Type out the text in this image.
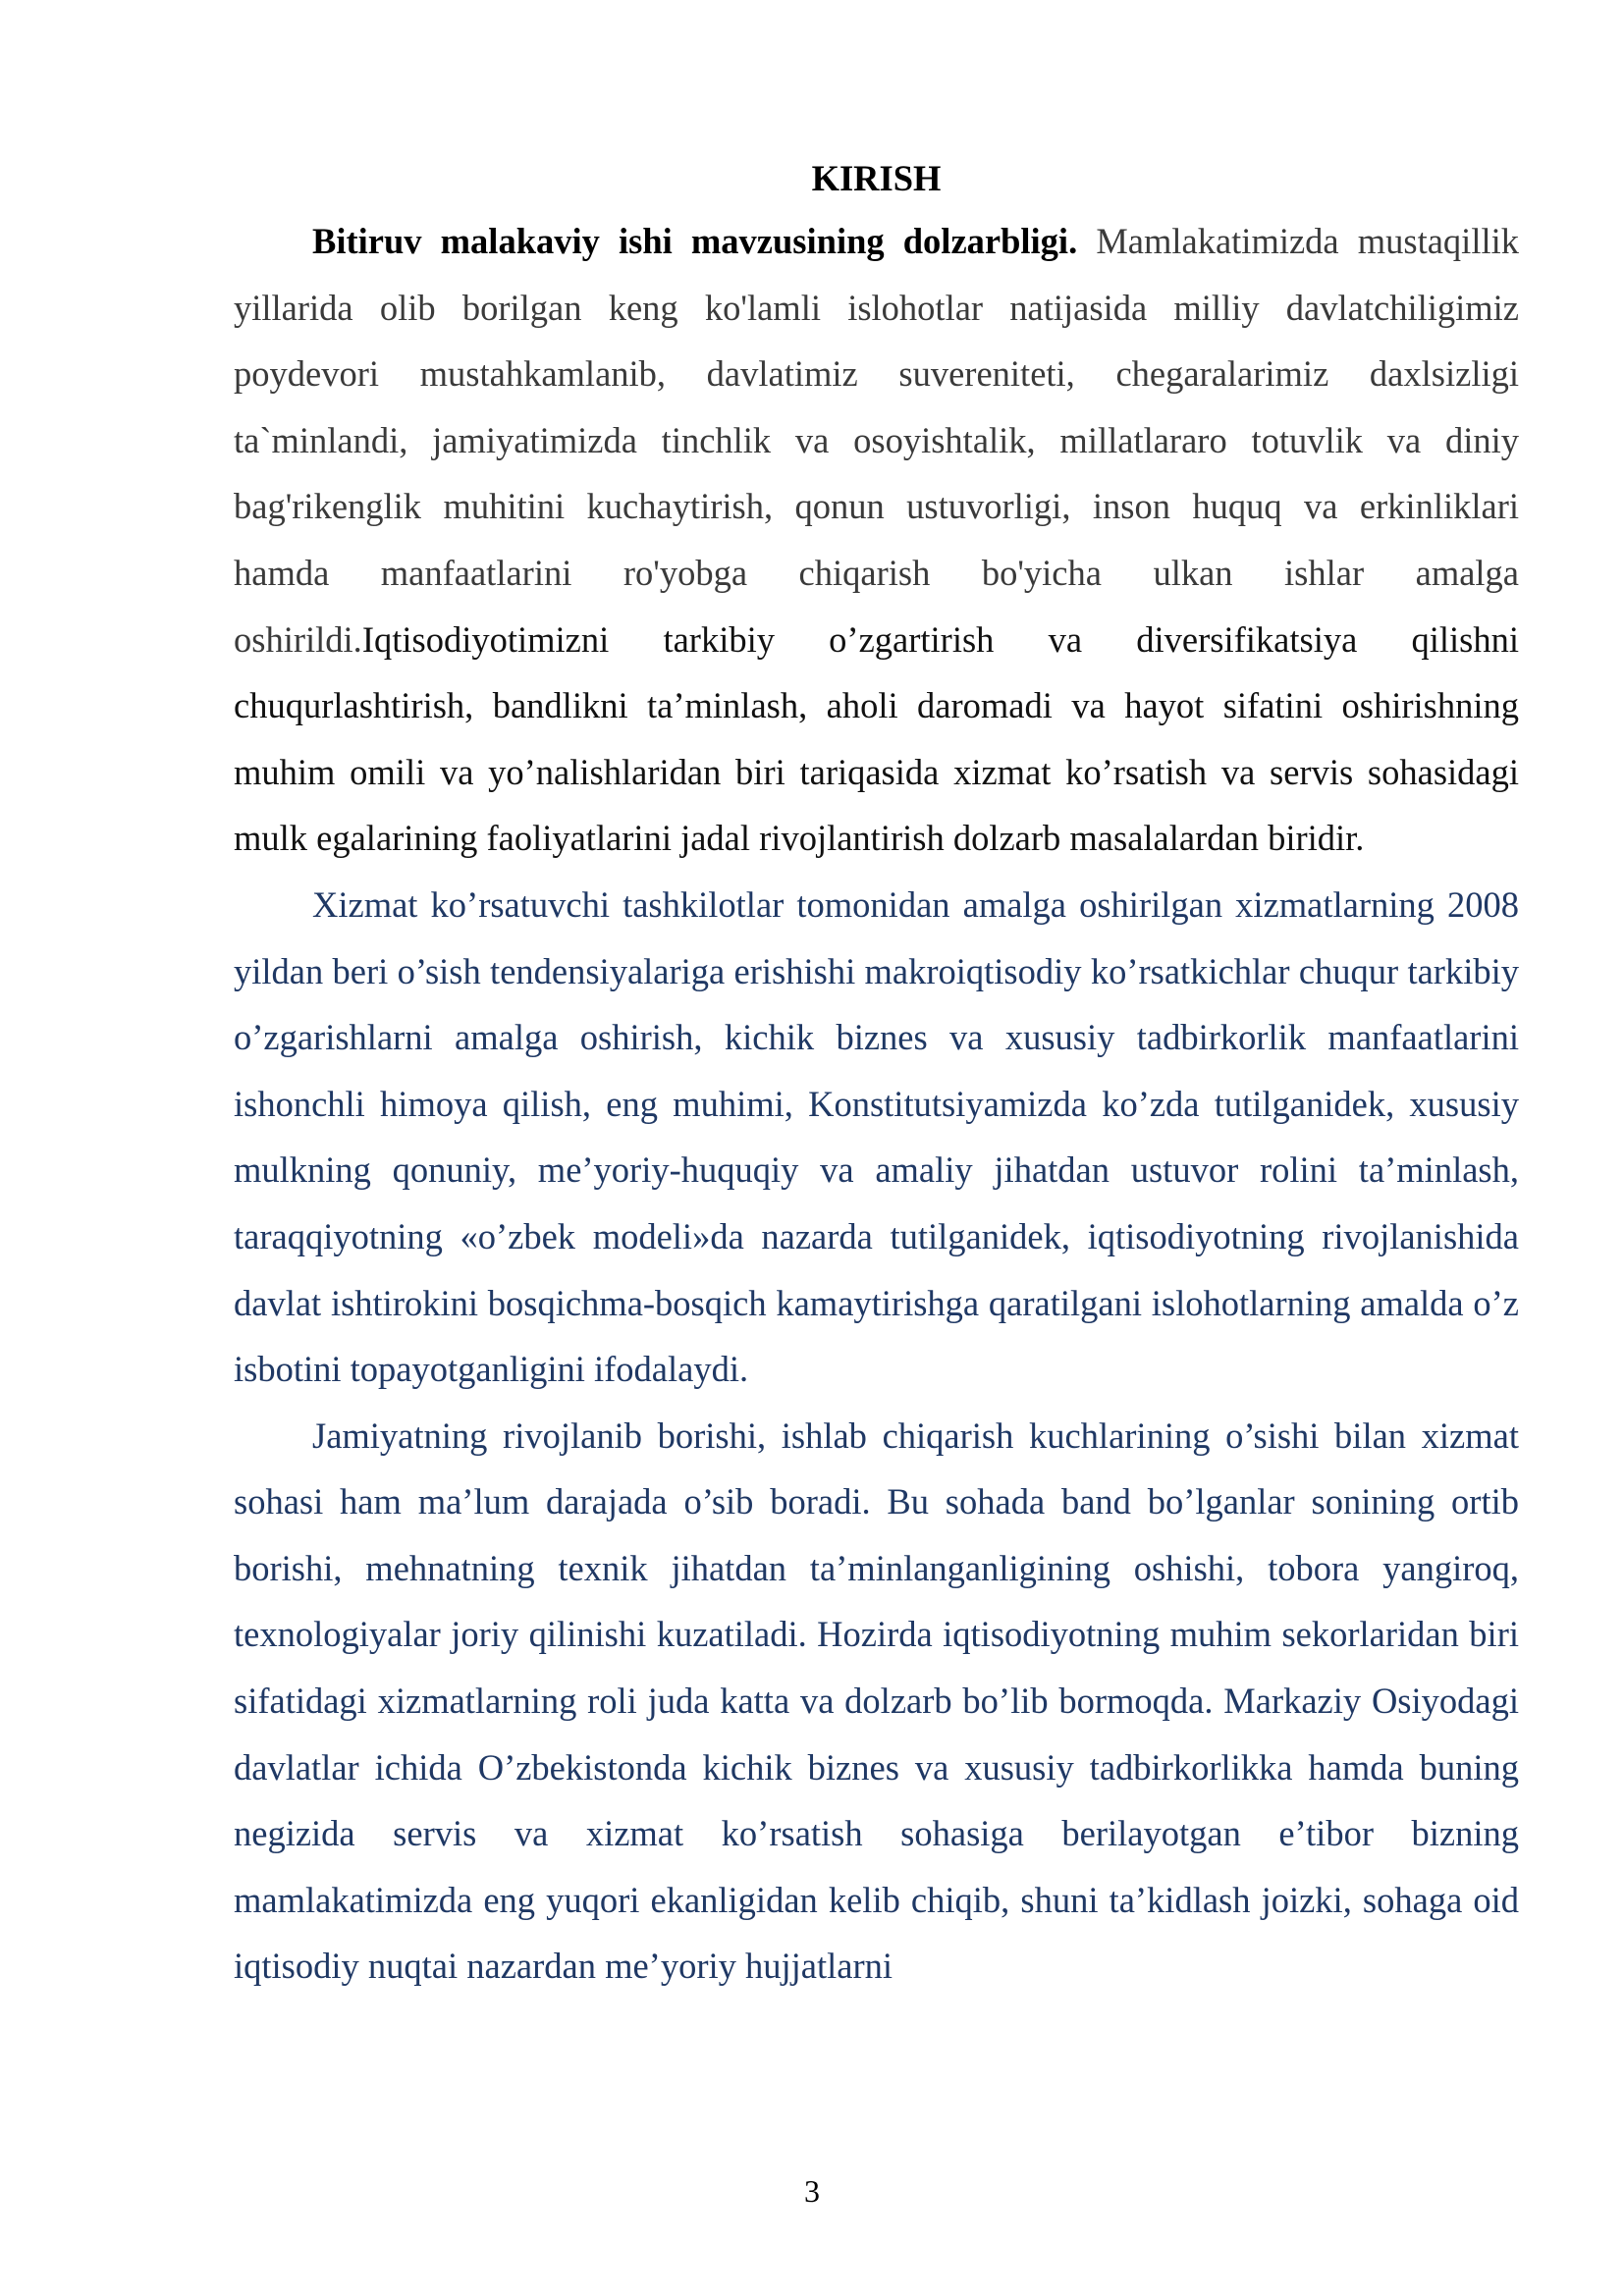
KIRISH

Bitiruv malakaviy ishi mavzusining dolzarbligi. Mamlakatimizda mustaqillik yillarida olib borilgan keng ko'lamli islohotlar natijasida milliy davlatchiligimiz poydevori mustahkamlanib, davlatimiz suvereniteti, chegaralarimiz daxlsizligi ta`minlandi, jamiyatimizda tinchlik va osoyishtalik, millatlararo totuvlik va diniy bag'rikenglik muhitini kuchaytirish, qonun ustuvorligi, inson huquq va erkinliklari hamda manfaatlarini ro'yobga chiqarish bo'yicha ulkan ishlar amalga oshirildi.Iqtisodiyotimizni tarkibiy o’zgartirish va diversifikatsiya qilishni chuqurlashtirish, bandlikni ta’minlash, aholi daromadi va hayot sifatini oshirishning muhim omili va yo’nalishlaridan biri tariqasida xizmat ko’rsatish va servis sohasidagi mulk egalarining faoliyatlarini jadal rivojlantirish dolzarb masalalardan biridir.

Xizmat ko’rsatuvchi tashkilotlar tomonidan amalga oshirilgan xizmatlarning 2008 yildan beri o’sish tendensiyalariga erishishi makroiqtisodiy ko’rsatkichlar chuqur tarkibiy o’zgarishlarni amalga oshirish, kichik biznes va xususiy tadbirkorlik manfaatlarini ishonchli himoya qilish, eng muhimi, Konstitutsiyamizda ko’zda tutilganidek, xususiy mulkning qonuniy, me’yoriy-huquqiy va amaliy jihatdan ustuvor rolini ta’minlash, taraqqiyotning «o’zbek modeli»da nazarda tutilganidek, iqtisodiyotning rivojlanishida davlat ishtirokini bosqichma-bosqich kamaytirishga qaratilgani islohotlarning amalda o’z isbotini topayotganligini ifodalaydi.

Jamiyatning rivojlanib borishi, ishlab chiqarish kuchlarining o’sishi bilan xizmat sohasi ham ma’lum darajada o’sib boradi. Bu sohada band bo’lganlar sonining ortib borishi, mehnatning texnik jihatdan ta’minlanganligining oshishi, tobora yangiroq, texnologiyalar joriy qilinishi kuzatiladi. Hozirda iqtisodiyotning muhim sekorlaridan biri sifatidagi xizmatlarning roli juda katta va dolzarb bo’lib bormoqda. Markaziy Osiyodagi davlatlar ichida O’zbekistonda kichik biznes va xususiy tadbirkorlikka hamda buning negizida servis va xizmat ko’rsatish sohasiga berilayotgan e’tibor bizning mamlakatimizda eng yuqori ekanligidan kelib chiqib, shuni ta’kidlash joizki, sohaga oid iqtisodiy nuqtai nazardan me’yoriy hujjatlarni

3
